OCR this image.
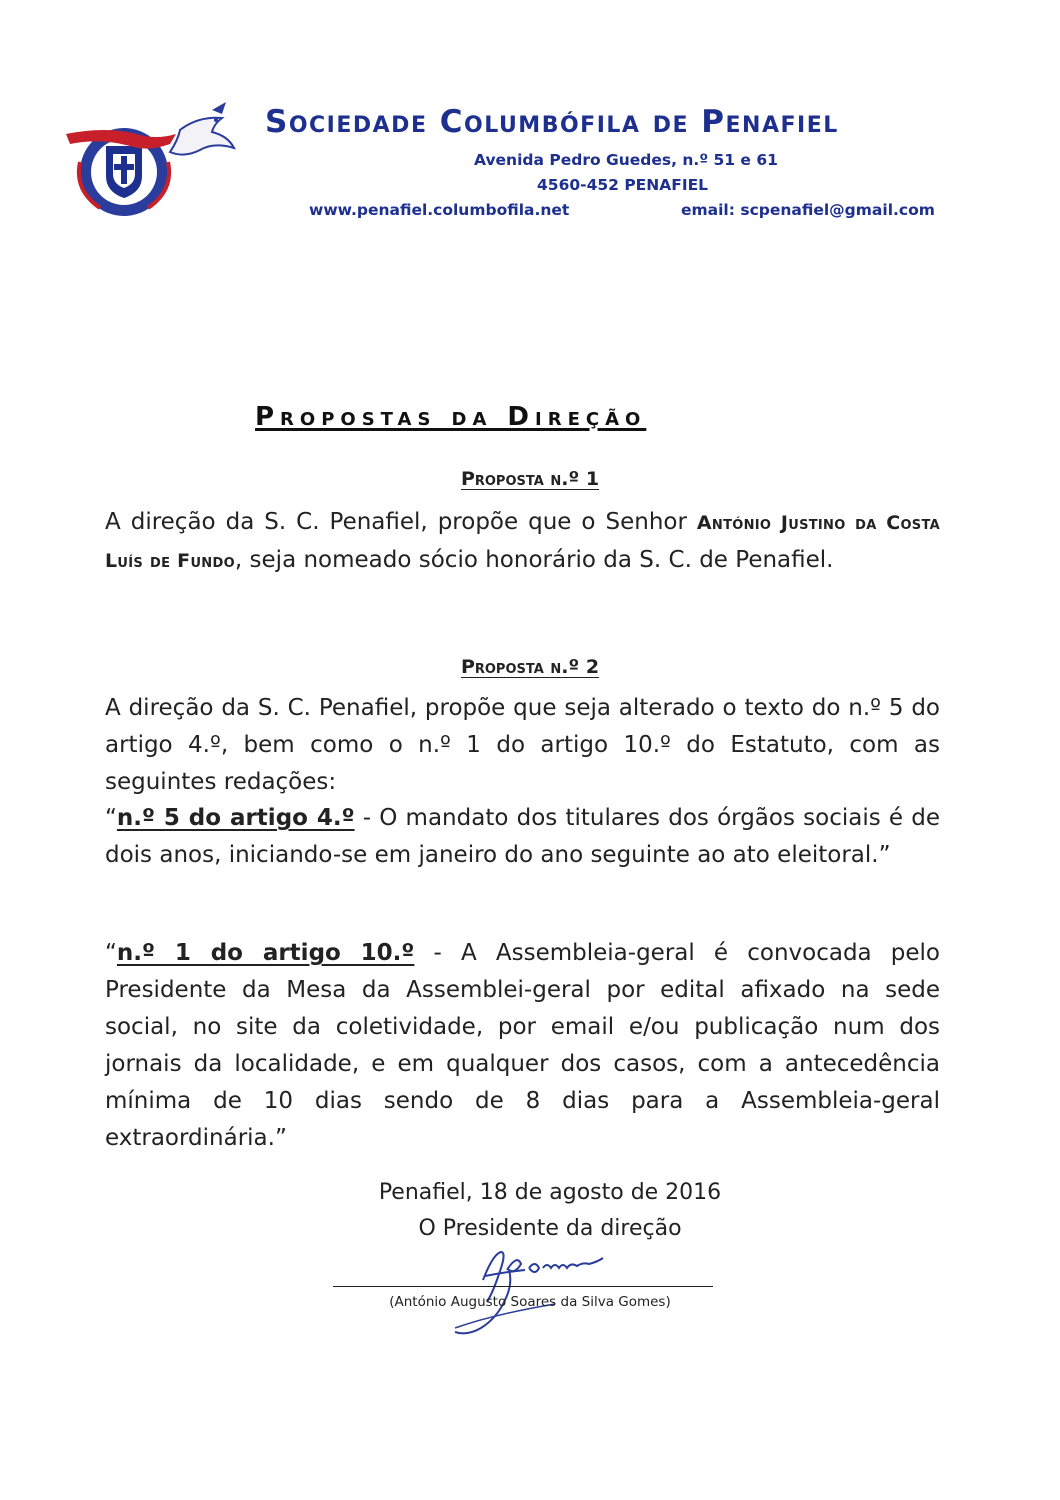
Sociedade Columbófila de Penafiel
Avenida Pedro Guedes, n.º 51 e 61
4560-452 PENAFIEL
www.penafiel.columbofila.net	email: scpenafiel@gmail.com
Propostas da Direção
Proposta n.º 1
A direção da S. C. Penafiel, propõe que o Senhor António Justino da Costa Luís de Fundo, seja nomeado sócio honorário da S. C. de Penafiel.
Proposta n.º 2
A direção da S. C. Penafiel, propõe que seja alterado o texto do n.º 5 do artigo 4.º, bem como o n.º 1 do artigo 10.º do Estatuto, com as seguintes redações:
“n.º 5 do artigo 4.º - O mandato dos titulares dos órgãos sociais é de dois anos, iniciando-se em janeiro do ano seguinte ao ato eleitoral.”
“n.º 1 do artigo 10.º - A Assembleia-geral é convocada pelo Presidente da Mesa da Assemblei-geral por edital afixado na sede social, no site da coletividade, por email e/ou publicação num dos jornais da localidade, e em qualquer dos casos, com a antecedência mínima de 10 dias sendo de 8 dias para a Assembleia-geral extraordinária.”
Penafiel, 18 de agosto de 2016
O Presidente da direção
(António Augusto Soares da Silva Gomes)
